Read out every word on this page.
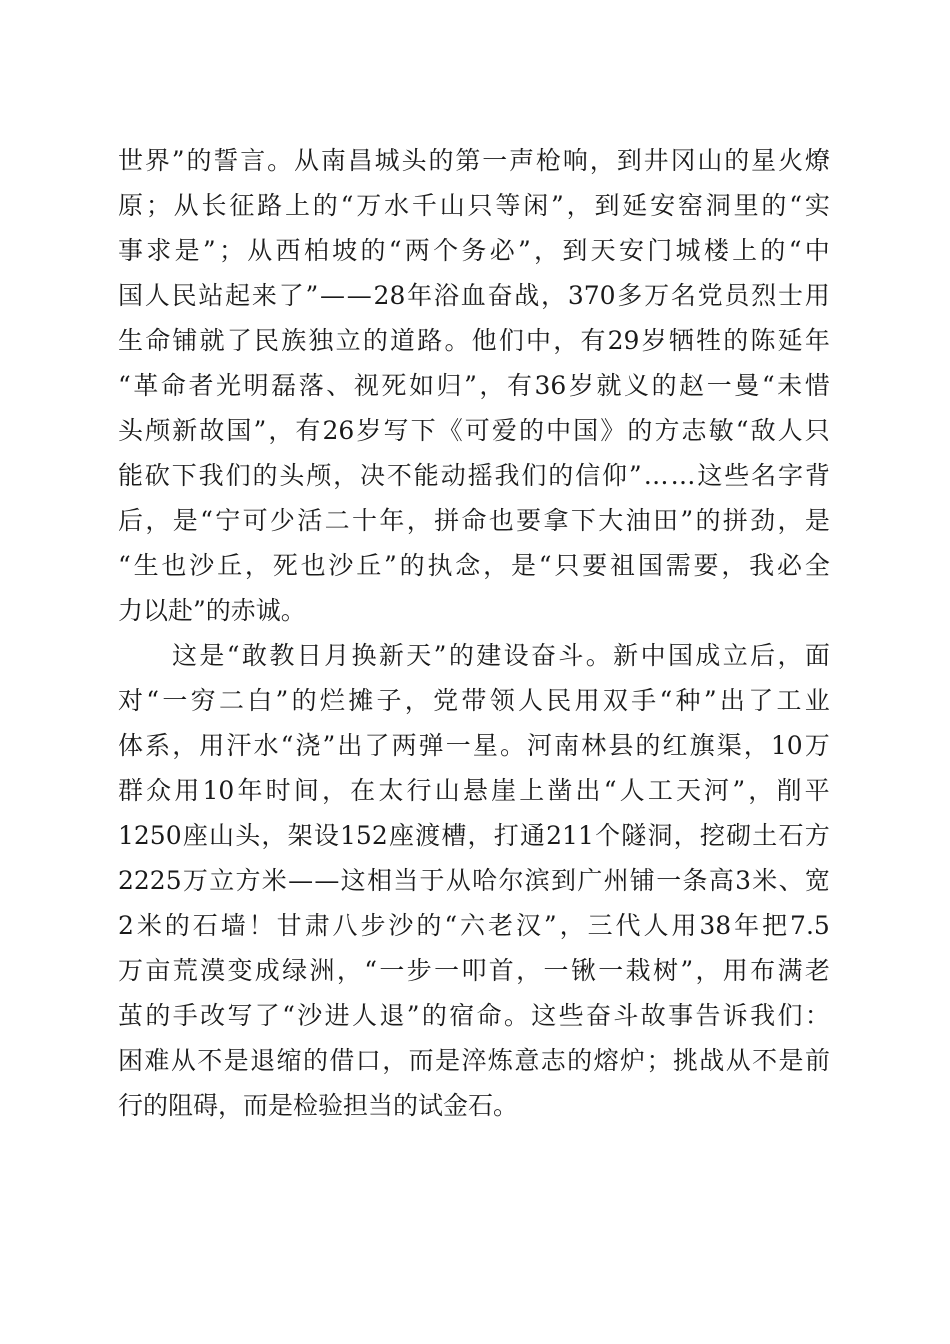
世 界 ” 的 誓 言 。 从 南 昌 城 头 的 第 一 声 枪 响 ， 到 井 冈 山 的 星 火 燎
原 ； 从 长 征 路 上 的 “ 万 水 千 山 只 等 闲 ” ， 到 延 安 窑 洞 里 的 “ 实
事 求 是 ” ； 从 西 柏 坡 的 “ 两 个 务 必 ” ， 到 天 安 门 城 楼 上 的 “ 中
国 人 民 站 起 来 了 ” — — 28 年 浴 血 奋 战 ， 370 多 万 名 党 员 烈 士 用
生 命 铺 就 了 民 族 独 立 的 道 路 。 他 们 中 ， 有 29 岁 牺 牲 的 陈 延 年
“ 革 命 者 光 明 磊 落 、 视 死 如 归 ” ， 有 36 岁 就 义 的 赵 一 曼 “ 未 惜
头 颅 新 故 国 ” ， 有 26 岁 写 下 《 可 爱 的 中 国 》 的 方 志 敏 “ 敌 人 只
能 砍 下 我 们 的 头 颅 ， 决 不 能 动 摇 我 们 的 信 仰 ” … … 这 些 名 字 背
后 ， 是 “ 宁 可 少 活 二 十 年 ， 拼 命 也 要 拿 下 大 油 田 ” 的 拼 劲 ， 是
“ 生 也 沙 丘 ， 死 也 沙 丘 ” 的 执 念 ， 是 “ 只 要 祖 国 需 要 ， 我 必 全
力以赴”的赤诚。
这 是 “ 敢 教 日 月 换 新 天 ” 的 建 设 奋 斗 。 新 中 国 成 立 后 ， 面
对 “ 一 穷 二 白 ” 的 烂 摊 子 ， 党 带 领 人 民 用 双 手 “ 种 ” 出 了 工 业
体 系 ， 用 汗 水 “ 浇 ” 出 了 两 弹 一 星 。 河 南 林 县 的 红 旗 渠 ， 10 万
群 众 用 10 年 时 间 ， 在 太 行 山 悬 崖 上 凿 出 “ 人 工 天 河 ” ， 削 平
1250 座 山 头 ， 架 设 152 座 渡 槽 ， 打 通 211 个 隧 洞 ， 挖 砌 土 石 方
2225 万 立 方 米 — — 这 相 当 于 从 哈 尔 滨 到 广 州 铺 一 条 高 3 米 、 宽
2 米 的 石 墙 ！ 甘 肃 八 步 沙 的 “ 六 老 汉 ” ， 三 代 人 用 38 年 把 7.5
万 亩 荒 漠 变 成 绿 洲 ， “ 一 步 一 叩 首 ， 一 锹 一 栽 树 ” ， 用 布 满 老
茧 的 手 改 写 了 “ 沙 进 人 退 ” 的 宿 命 。 这 些 奋 斗 故 事 告 诉 我 们 ：
困 难 从 不 是 退 缩 的 借 口 ， 而 是 淬 炼 意 志 的 熔 炉 ； 挑 战 从 不 是 前
行的阻碍，而是检验担当的试金石。
